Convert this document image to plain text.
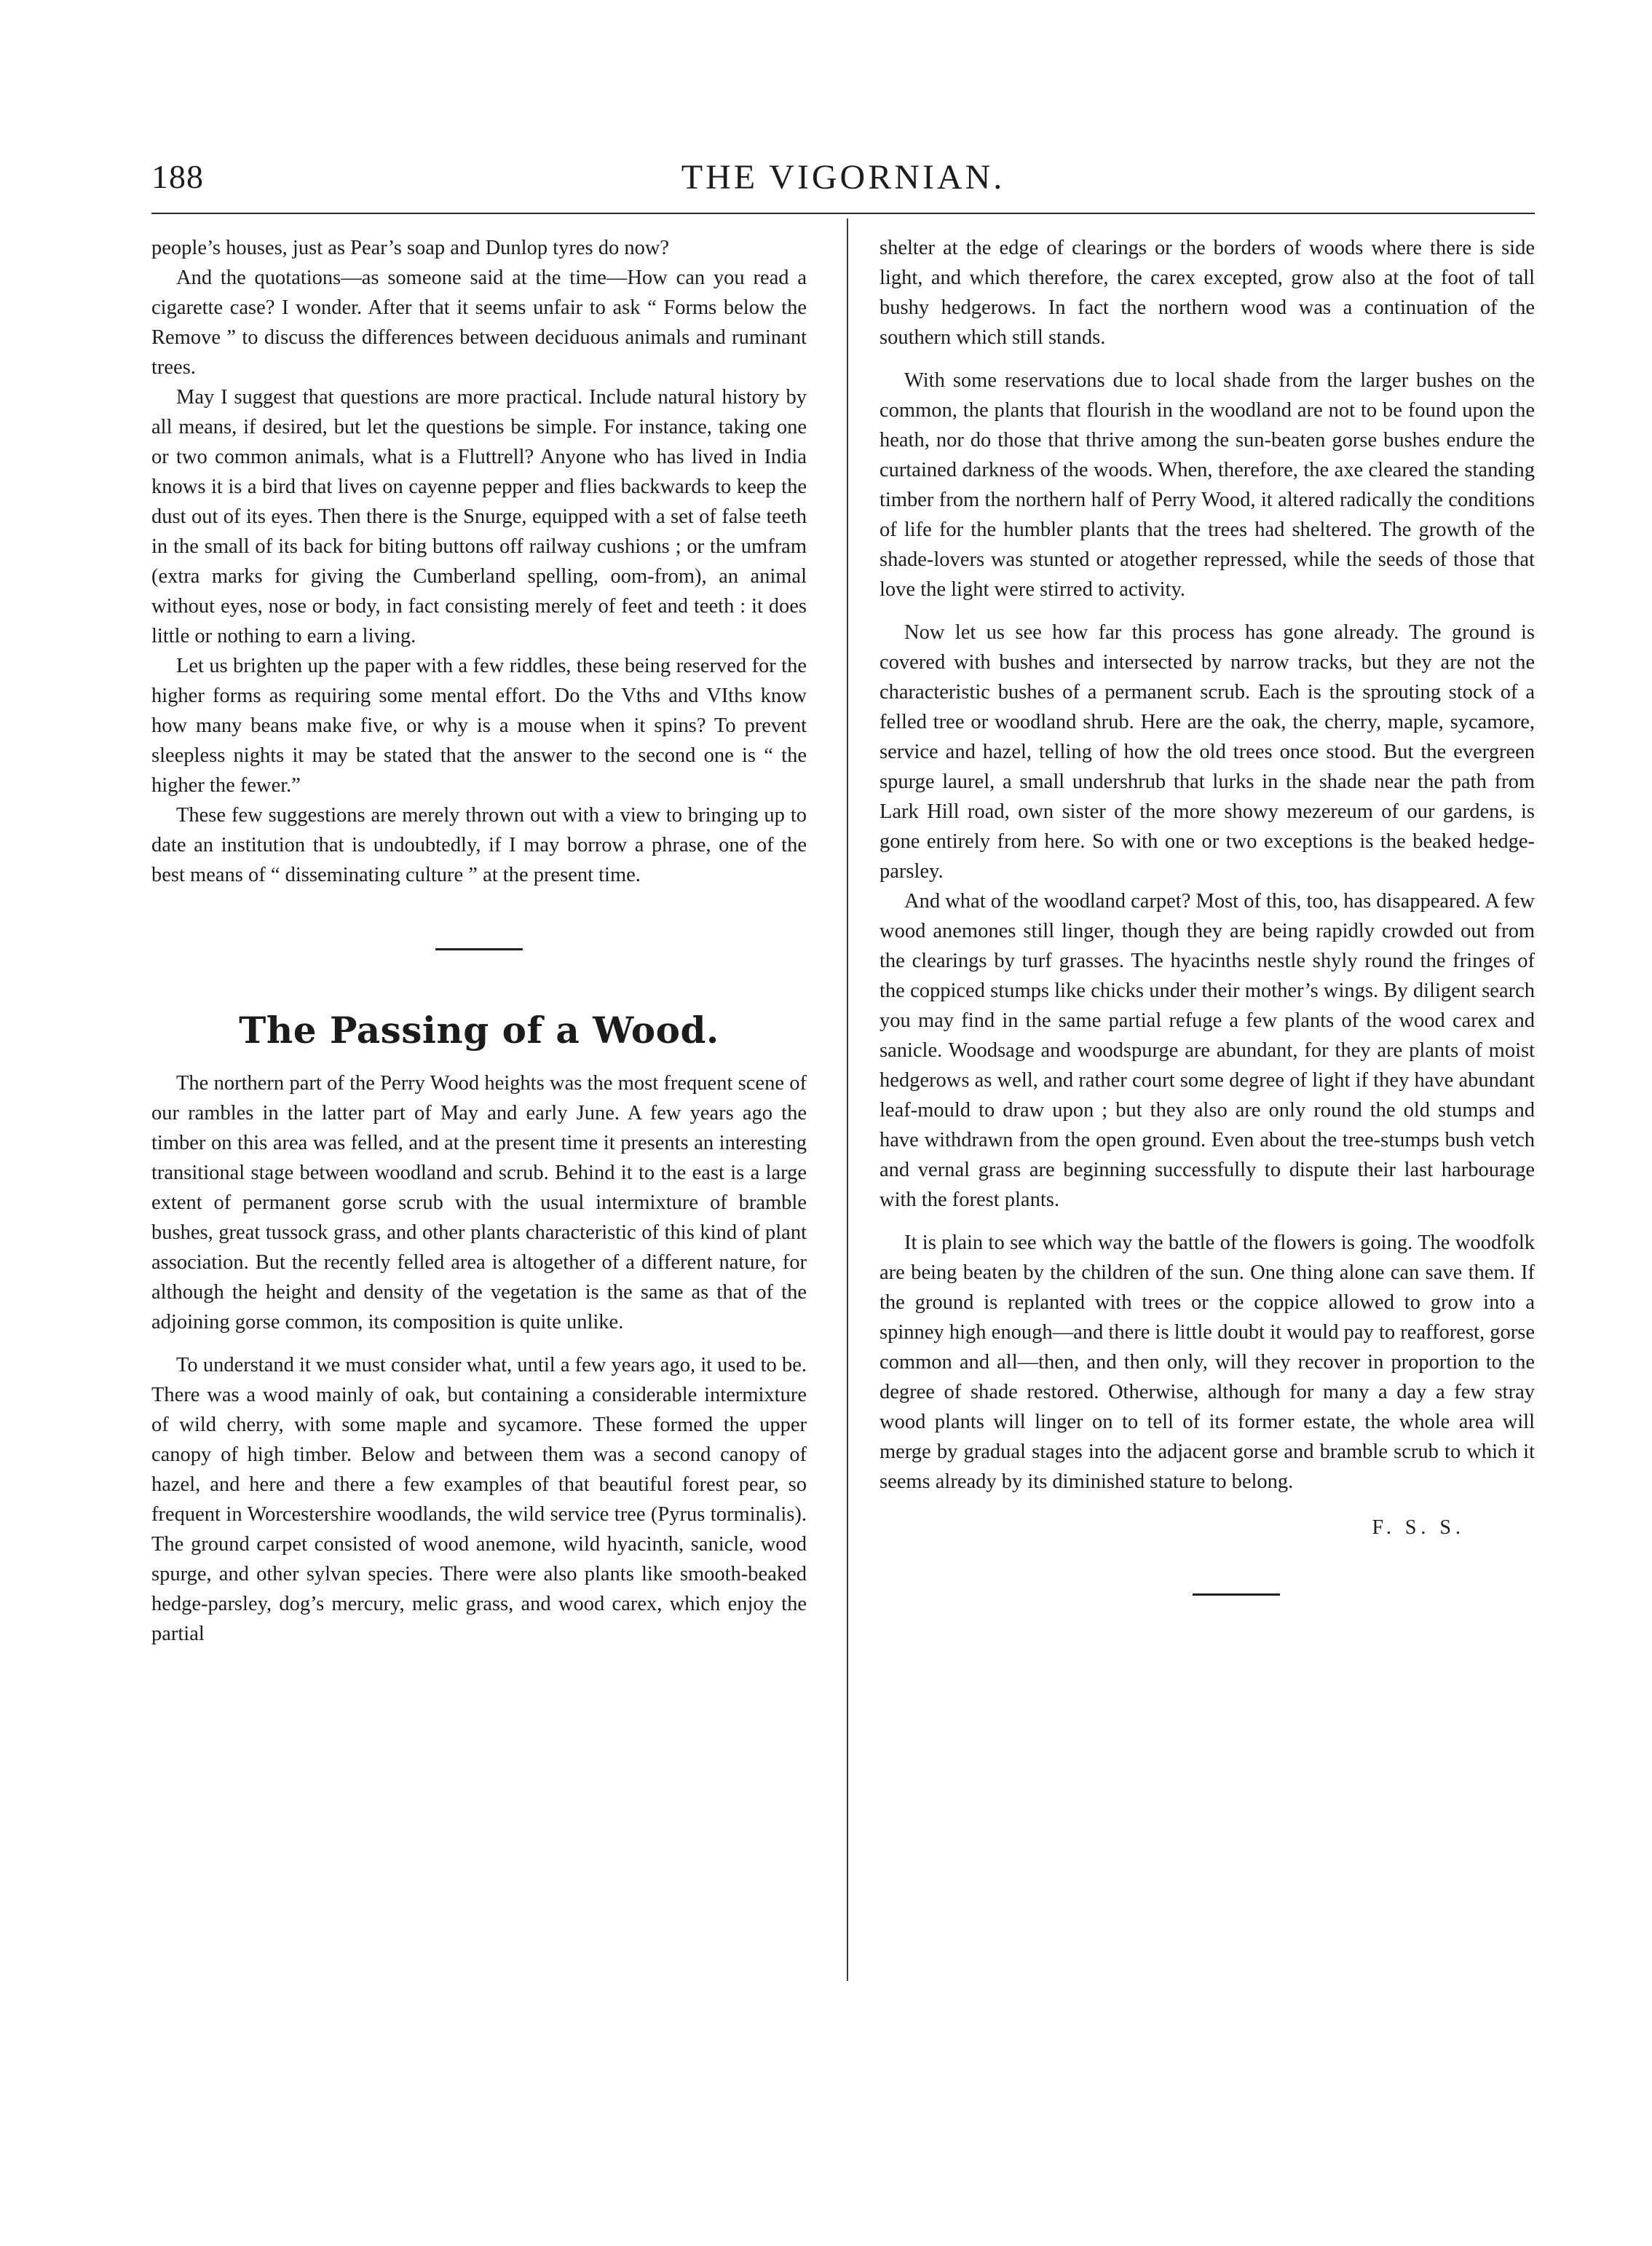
188	THE VIGORNIAN.

people’s houses, just as Pear’s soap and Dunlop tyres do now?

And the quotations—as someone said at the time—How can you read a cigarette case? I wonder. After that it seems unfair to ask “ Forms below the Remove ” to discuss the differences between deciduous animals and ruminant trees.

May I suggest that questions are more practical. Include natural history by all means, if desired, but let the questions be simple. For instance, taking one or two common animals, what is a Fluttrell? Anyone who has lived in India knows it is a bird that lives on cayenne pepper and flies backwards to keep the dust out of its eyes. Then there is the Snurge, equipped with a set of false teeth in the small of its back for biting buttons off railway cushions ; or the umfram (extra marks for giving the Cumberland spelling, oom-from), an animal without eyes, nose or body, in fact consisting merely of feet and teeth : it does little or nothing to earn a living.

Let us brighten up the paper with a few riddles, these being reserved for the higher forms as requiring some mental effort. Do the Vths and VIths know how many beans make five, or why is a mouse when it spins? To prevent sleepless nights it may be stated that the answer to the second one is “ the higher the fewer.”

These few suggestions are merely thrown out with a view to bringing up to date an institution that is undoubtedly, if I may borrow a phrase, one of the best means of “ disseminating culture ” at the present time.

The Passing of a Wood.

The northern part of the Perry Wood heights was the most frequent scene of our rambles in the latter part of May and early June. A few years ago the timber on this area was felled, and at the present time it presents an interesting transitional stage between woodland and scrub. Behind it to the east is a large extent of permanent gorse scrub with the usual intermixture of bramble bushes, great tussock grass, and other plants characteristic of this kind of plant association. But the recently felled area is altogether of a different nature, for although the height and density of the vegetation is the same as that of the adjoining gorse common, its composition is quite unlike.

To understand it we must consider what, until a few years ago, it used to be. There was a wood mainly of oak, but containing a considerable intermixture of wild cherry, with some maple and sycamore. These formed the upper canopy of high timber. Below and between them was a second canopy of hazel, and here and there a few examples of that beautiful forest pear, so frequent in Worcestershire woodlands, the wild service tree (Pyrus torminalis). The ground carpet consisted of wood anemone, wild hyacinth, sanicle, wood spurge, and other sylvan species. There were also plants like smooth-beaked hedge-parsley, dog’s mercury, melic grass, and wood carex, which enjoy the partial

shelter at the edge of clearings or the borders of woods where there is side light, and which therefore, the carex excepted, grow also at the foot of tall bushy hedgerows. In fact the northern wood was a continuation of the southern which still stands.

With some reservations due to local shade from the larger bushes on the common, the plants that flourish in the woodland are not to be found upon the heath, nor do those that thrive among the sun-beaten gorse bushes endure the curtained darkness of the woods. When, therefore, the axe cleared the standing timber from the northern half of Perry Wood, it altered radically the conditions of life for the humbler plants that the trees had sheltered. The growth of the shade-lovers was stunted or atogether repressed, while the seeds of those that love the light were stirred to activity.

Now let us see how far this process has gone already. The ground is covered with bushes and intersected by narrow tracks, but they are not the characteristic bushes of a permanent scrub. Each is the sprouting stock of a felled tree or woodland shrub. Here are the oak, the cherry, maple, sycamore, service and hazel, telling of how the old trees once stood. But the evergreen spurge laurel, a small undershrub that lurks in the shade near the path from Lark Hill road, own sister of the more showy mezereum of our gardens, is gone entirely from here. So with one or two exceptions is the beaked hedge-parsley.

And what of the woodland carpet? Most of this, too, has disappeared. A few wood anemones still linger, though they are being rapidly crowded out from the clearings by turf grasses. The hyacinths nestle shyly round the fringes of the coppiced stumps like chicks under their mother’s wings. By diligent search you may find in the same partial refuge a few plants of the wood carex and sanicle. Woodsage and woodspurge are abundant, for they are plants of moist hedgerows as well, and rather court some degree of light if they have abundant leaf-mould to draw upon ; but they also are only round the old stumps and have withdrawn from the open ground. Even about the tree-stumps bush vetch and vernal grass are beginning successfully to dispute their last harbourage with the forest plants.

It is plain to see which way the battle of the flowers is going. The woodfolk are being beaten by the children of the sun. One thing alone can save them. If the ground is replanted with trees or the coppice allowed to grow into a spinney high enough—and there is little doubt it would pay to reafforest, gorse common and all—then, and then only, will they recover in proportion to the degree of shade restored. Otherwise, although for many a day a few stray wood plants will linger on to tell of its former estate, the whole area will merge by gradual stages into the adjacent gorse and bramble scrub to which it seems already by its diminished stature to belong.

F. S. S.
